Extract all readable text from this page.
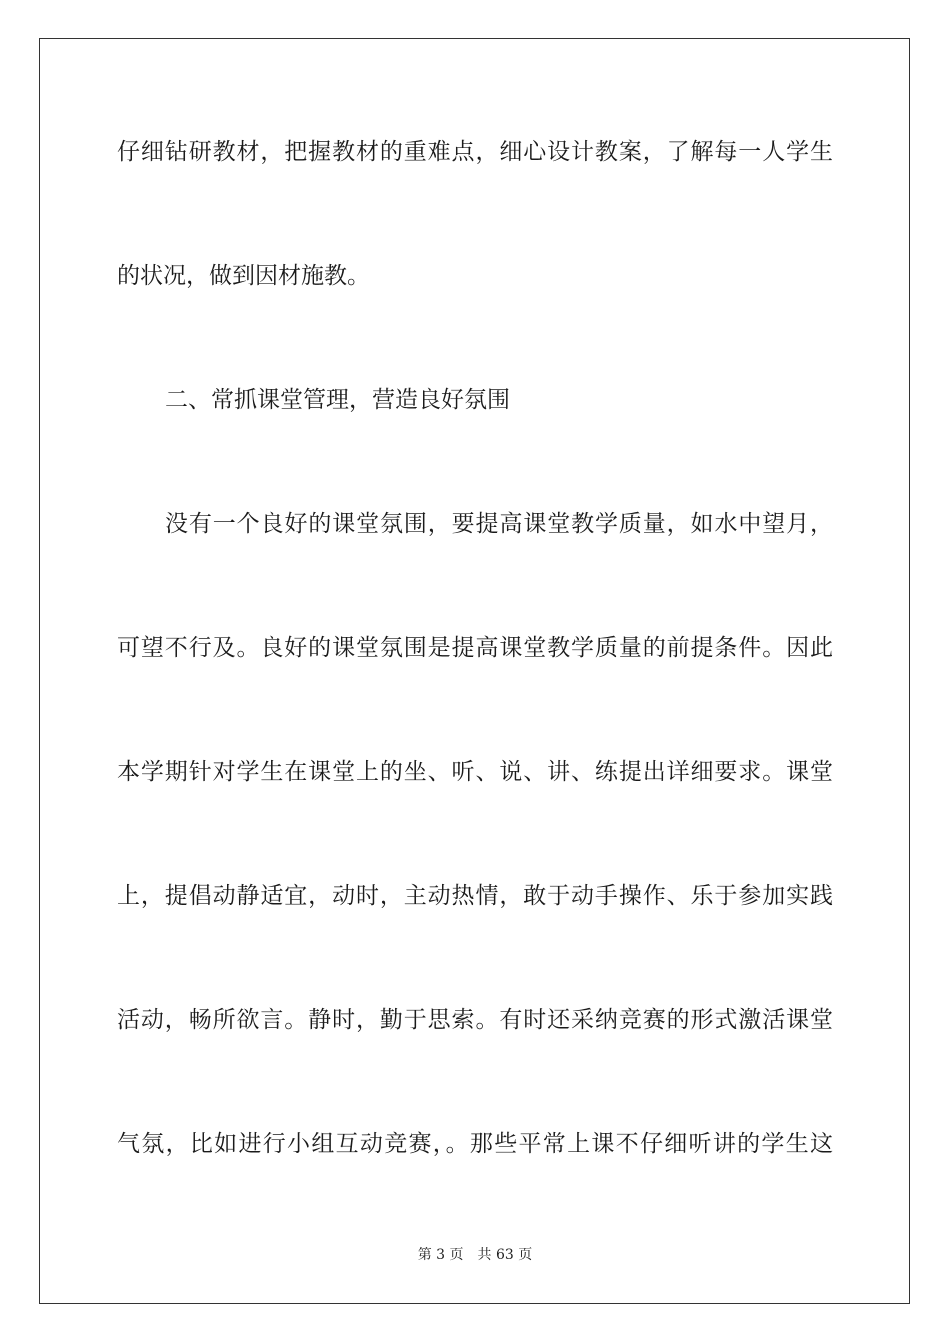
仔细钻研教材，把握教材的重难点，细心设计教案，了解每一人学生
的状况，做到因材施教。
二、常抓课堂管理，营造良好氛围
没有一个良好的课堂氛围，要提高课堂教学质量，如水中望月，
可望不行及。良好的课堂氛围是提高课堂教学质量的前提条件。因此
本学期针对学生在课堂上的坐、听、说、讲、练提出详细要求。课堂
上，提倡动静适宜，动时，主动热情，敢于动手操作、乐于参加实践
活动，畅所欲言。静时，勤于思索。有时还采纳竞赛的形式激活课堂
气氛，比如进行小组互动竞赛，。那些平常上课不仔细听讲的学生这
第 3 页 共 63 页
